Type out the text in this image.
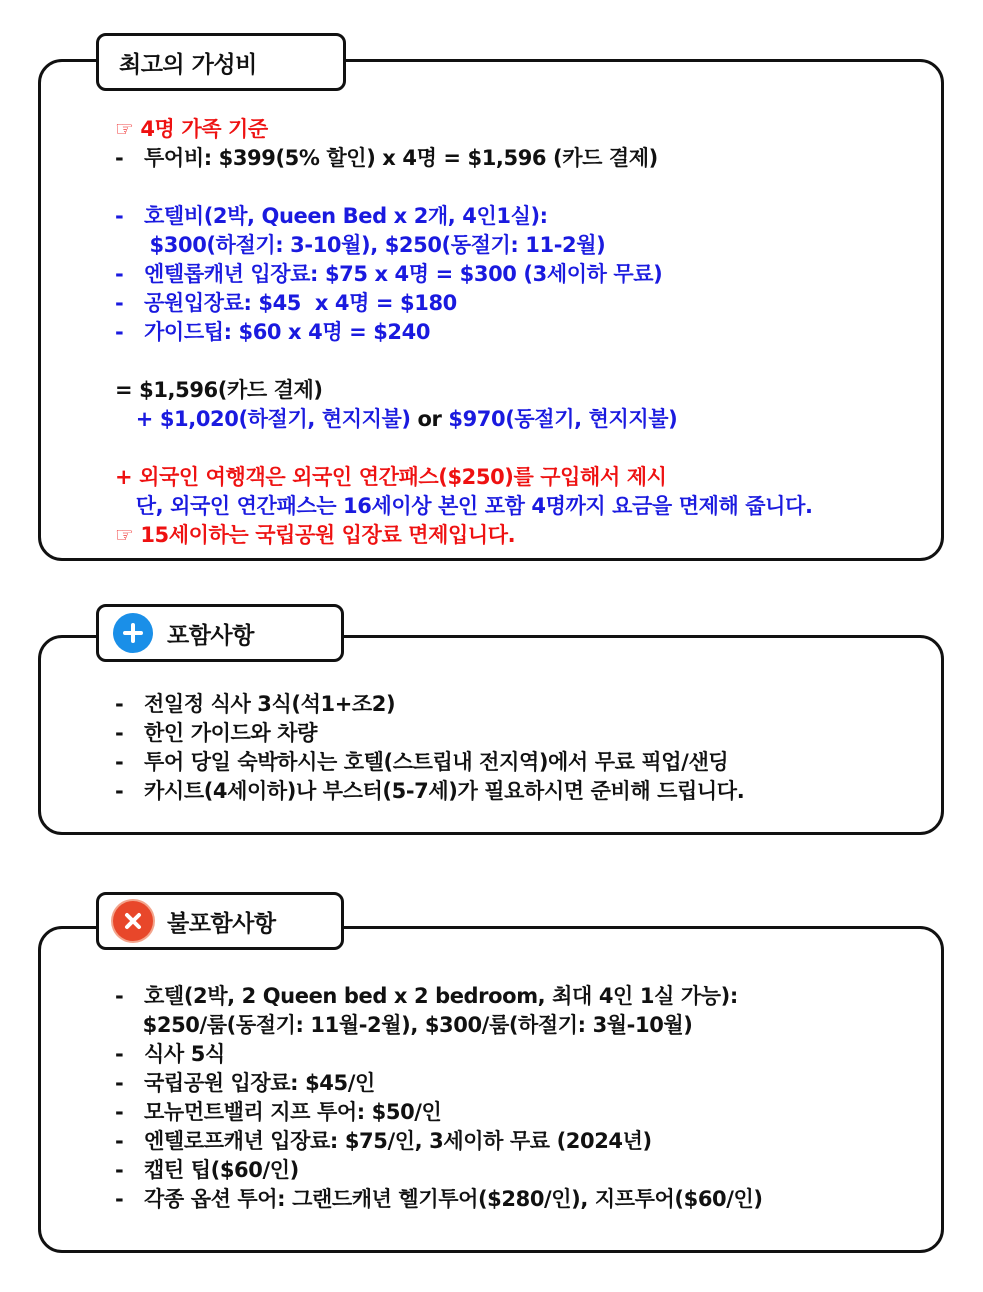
최고의 가성비
☞ 4명 가족 기준
-   투어비: $399(5% 할인) x 4명 = $1,596 (카드 결제)
-   호텔비(2박, Queen Bed x 2개, 4인1실):
$300(하절기: 3-10월), $250(동절기: 11-2월)
-   엔텔롭캐년 입장료: $75 x 4명 = $300 (3세이하 무료)
-   공원입장료: $45  x 4명 = $180
-   가이드팁: $60 x 4명 = $240
= $1,596(카드 결제)
+ $1,020(하절기, 현지지불) or $970(동절기, 현지지불)
+ 외국인 여행객은 외국인 연간패스($250)를 구입해서 제시
단, 외국인 연간패스는 16세이상 본인 포함 4명까지 요금을 면제해 줍니다.
☞ 15세이하는 국립공원 입장료 면제입니다.
포함사항
-   전일정 식사 3식(석1+조2)
-   한인 가이드와 차량
-   투어 당일 숙박하시는 호텔(스트립내 전지역)에서 무료 픽업/샌딩
-   카시트(4세이하)나 부스터(5-7세)가 필요하시면 준비해 드립니다.
불포함사항
-   호텔(2박, 2 Queen bed x 2 bedroom, 최대 4인 1실 가능):
$250/룸(동절기: 11월-2월), $300/룸(하절기: 3월-10월)
-   식사 5식
-   국립공원 입장료: $45/인
-   모뉴먼트밸리 지프 투어: $50/인
-   엔텔로프캐년 입장료: $75/인, 3세이하 무료 (2024년)
-   캡틴 팁($60/인)
-   각종 옵션 투어: 그랜드캐년 헬기투어($280/인), 지프투어($60/인)
